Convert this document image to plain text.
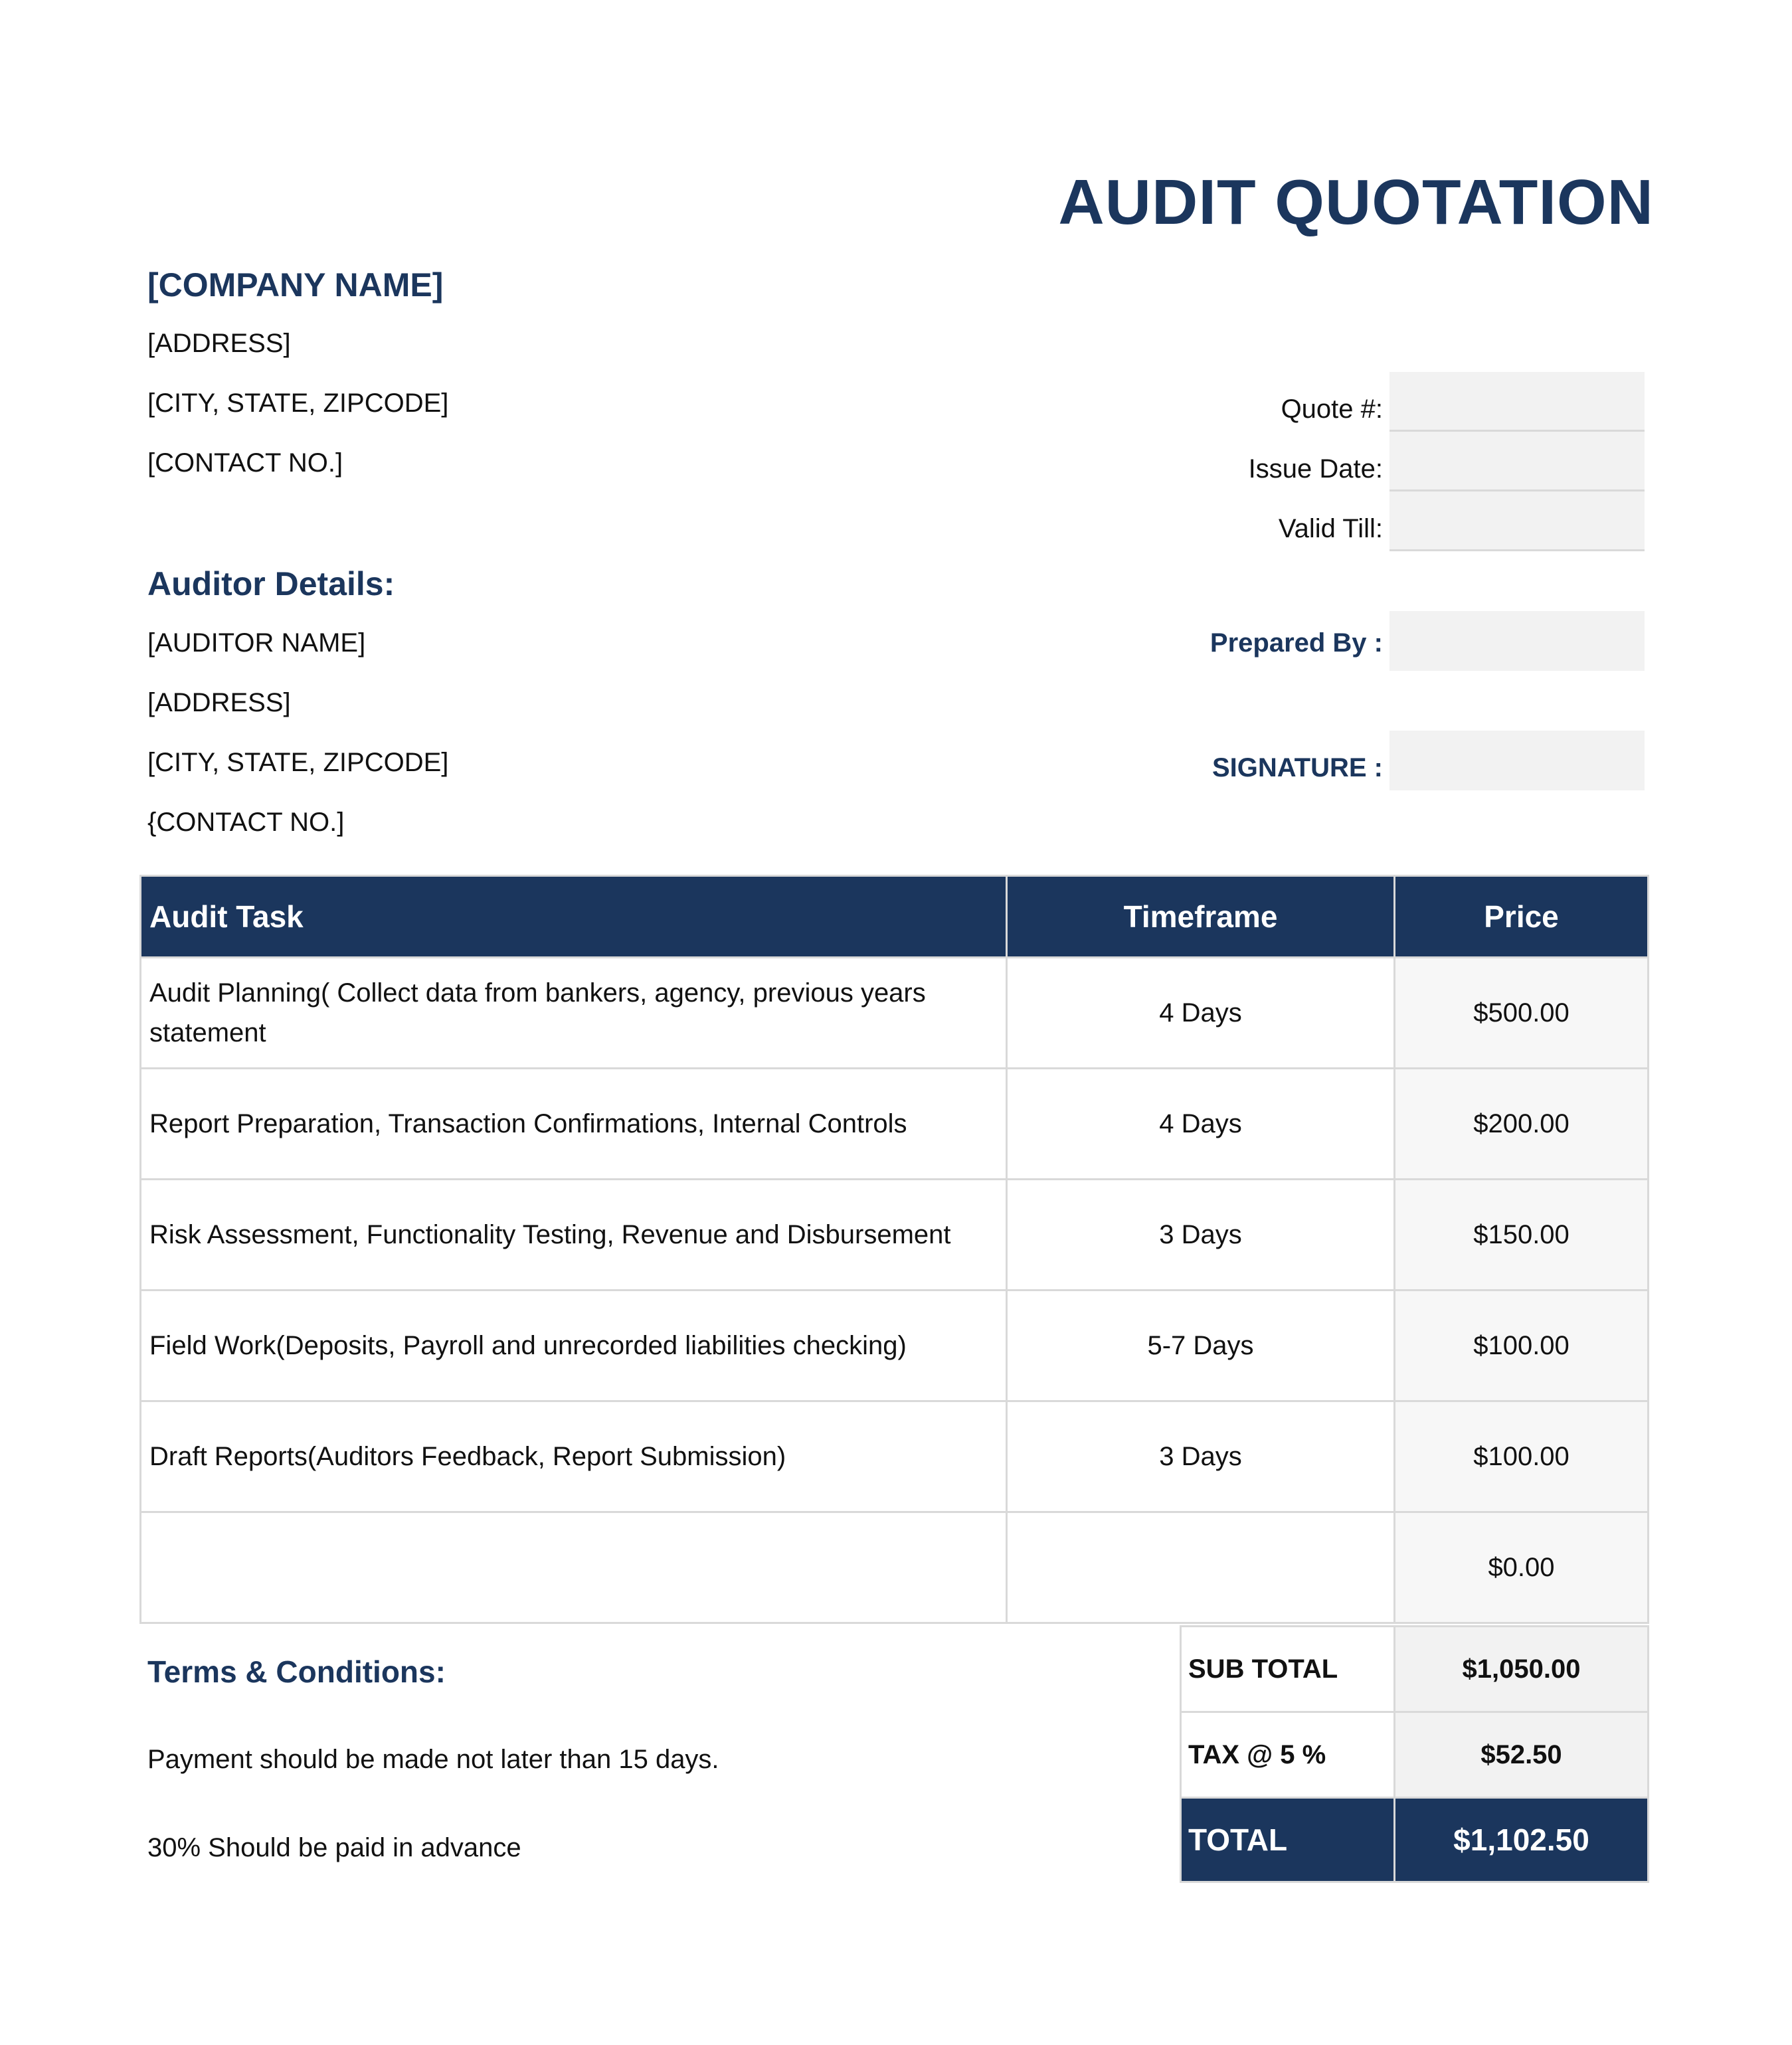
AUDIT QUOTATION
[COMPANY NAME]
[ADDRESS]
[CITY, STATE, ZIPCODE]
[CONTACT NO.]
Quote #:
Issue Date:
Valid Till:
Prepared By :
SIGNATURE :
Auditor Details:
[AUDITOR NAME]
[ADDRESS]
[CITY, STATE, ZIPCODE]
{CONTACT NO.]
Audit Task	Timeframe	Price
Audit Planning( Collect data from bankers, agency, previous years statement	4 Days	$500.00
Report Preparation, Transaction Confirmations, Internal Controls	4 Days	$200.00
Risk Assessment, Functionality Testing, Revenue and Disbursement	3 Days	$150.00
Field Work(Deposits, Payroll and unrecorded liabilities checking)	5-7 Days	$100.00
Draft Reports(Auditors Feedback, Report Submission)	3 Days	$100.00
		$0.00
Terms & Conditions:
Payment should be made not later than 15 days.
30% Should be paid in advance
SUB TOTAL	$1,050.00
TAX @ 5 %	$52.50
TOTAL	$1,102.50
